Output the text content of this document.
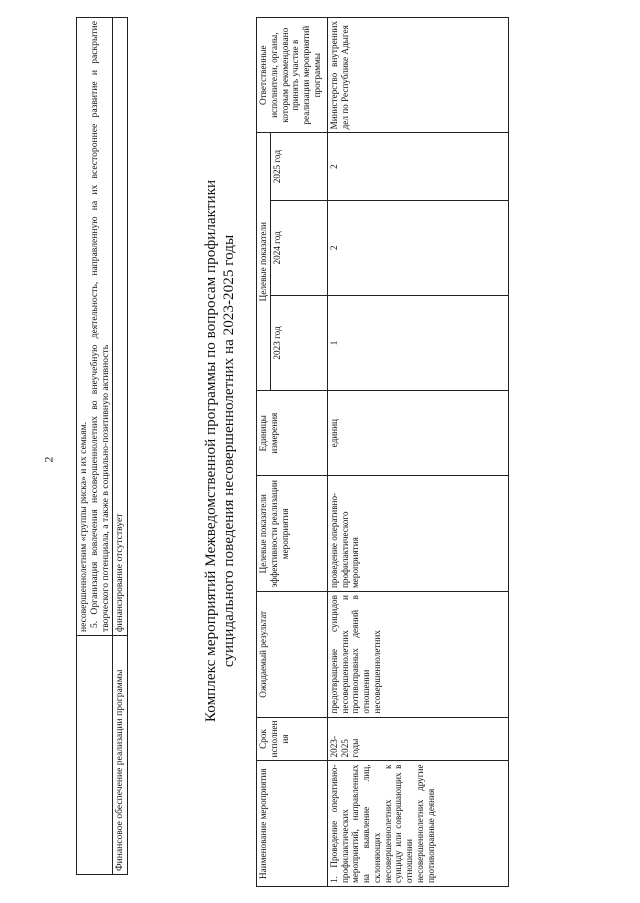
2

	несовершеннолетним «группы риска» и их семьям. 5. Организация вовлечения несовершеннолетних во внеучебную деятельность, направленную на их всестороннее развитие и раскрытие творческого потенциала, а также в социально-позитивную активность

Финансовое обеспечение реализации программы	финансирование отсутствует	Комплекс мероприятий Межведомственной программы по вопросам профилактики суицидального поведения несовершеннолетних на 2023-2025 годы
Наименование мероприятия	Срок исполнен ия	Ожидаемый результат	Целевые показатели эффективности реализации мероприятия	Единицы измерения	Целевые показатели			Ответственные исполнители, органы, которым рекомендовано принять участие в реализации мероприятий программы
					2023 год	2024 год	2025 год	
1. Проведение оперативно-профилактических мероприятий, направленных на выявление лиц, склоняющих несовершеннолетних к суициду или совершающих в отношении несовершеннолетних другие противоправные деяния	2023-2025 годы	предотвращение суицидов несовершеннолетних и противоправных деяний в отношении несовершеннолетних	проведение оперативно-профилактического мероприятия	единиц	1	2	2	Министерство внутренних дел по Республике Адыгея
